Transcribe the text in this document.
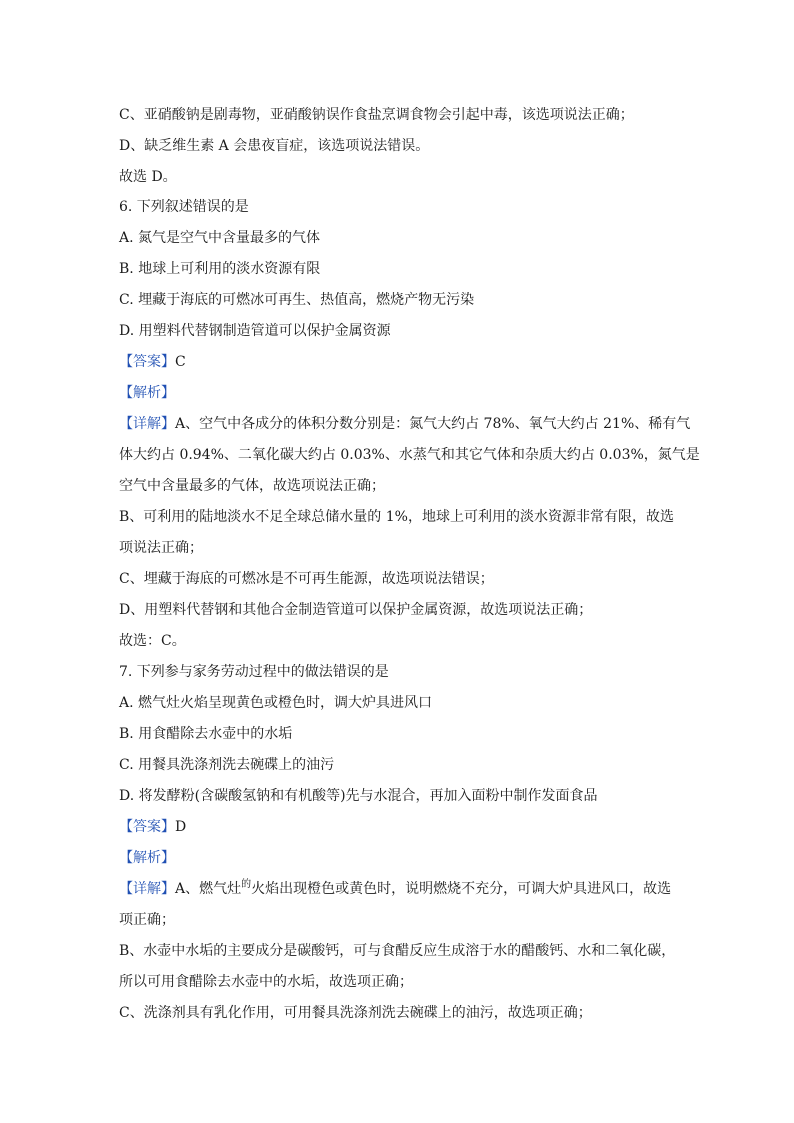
C、亚硝酸钠是剧毒物，亚硝酸钠误作食盐烹调食物会引起中毒，该选项说法正确；
D、缺乏维生素 A 会患夜盲症，该选项说法错误。
故选 D。
6. 下列叙述错误的是
A. 氮气是空气中含量最多的气体
B. 地球上可利用的淡水资源有限
C. 埋藏于海底的可燃冰可再生、热值高，燃烧产物无污染
D. 用塑料代替钢制造管道可以保护金属资源
【答案】C
【解析】
【详解】A、空气中各成分的体积分数分别是：氮气大约占 78%、氧气大约占 21%、稀有气
体大约占 0.94%、二氧化碳大约占 0.03%、水蒸气和其它气体和杂质大约占 0.03%，氮气是
空气中含量最多的气体，故选项说法正确；
B、可利用的陆地淡水不足全球总储水量的 1%，地球上可利用的淡水资源非常有限，故选
项说法正确；
C、埋藏于海底的可燃冰是不可再生能源，故选项说法错误；
D、用塑料代替钢和其他合金制造管道可以保护金属资源，故选项说法正确；
故选：C。
7. 下列参与家务劳动过程中的做法错误的是
A. 燃气灶火焰呈现黄色或橙色时，调大炉具进风口
B. 用食醋除去水壶中的水垢
C. 用餐具洗涤剂洗去碗碟上的油污
D. 将发酵粉(含碳酸氢钠和有机酸等)先与水混合，再加入面粉中制作发面食品
【答案】D
【解析】
【详解】A、燃气灶$^的$火焰出现橙色或黄色时，说明燃烧不充分，可调大炉具进风口，故选
项正确；
B、水壶中水垢的主要成分是碳酸钙，可与食醋反应生成溶于水的醋酸钙、水和二氧化碳，
所以可用食醋除去水壶中的水垢，故选项正确；
C、洗涤剂具有乳化作用，可用餐具洗涤剂洗去碗碟上的油污，故选项正确；
